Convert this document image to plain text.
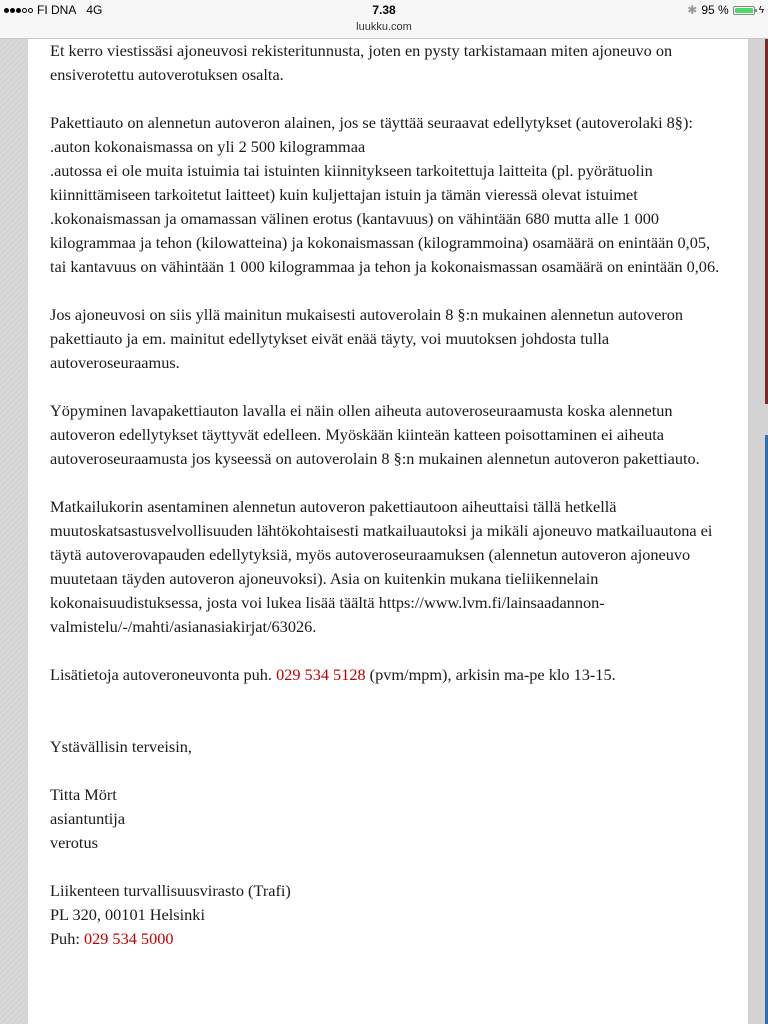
FI DNA 4G	7.38	✱ 95 %	ϟ
luukku.com

Et kerro viestissäsi ajoneuvosi rekisteritunnusta, joten en pysty tarkistamaan miten ajoneuvo on ensiverotettu autoverotuksen osalta.

Pakettiauto on alennetun autoveron alainen, jos se täyttää seuraavat edellytykset (autoverolaki 8§):
.auton kokonaismassa on yli 2 500 kilogrammaa
.autossa ei ole muita istuimia tai istuinten kiinnitykseen tarkoitettuja laitteita (pl. pyörätuolin kiinnittämiseen tarkoitetut laitteet) kuin kuljettajan istuin ja tämän vieressä olevat istuimet
.kokonaismassan ja omamassan välinen erotus (kantavuus) on vähintään 680 mutta alle 1 000 kilogrammaa ja tehon (kilowatteina) ja kokonaismassan (kilogrammoina) osamäärä on enintään 0,05, tai kantavuus on vähintään 1 000 kilogrammaa ja tehon ja kokonaismassan osamäärä on enintään 0,06.

Jos ajoneuvosi on siis yllä mainitun mukaisesti autoverolain 8 §:n mukainen alennetun autoveron pakettiauto ja em. mainitut edellytykset eivät enää täyty, voi muutoksen johdosta tulla autoveroseuraamus.

Yöpyminen lavapakettiauton lavalla ei näin ollen aiheuta autoveroseuraamusta koska alennetun autoveron edellytykset täyttyvät edelleen. Myöskään kiinteän katteen poisottaminen ei aiheuta autoveroseuraamusta jos kyseessä on autoverolain 8 §:n mukainen alennetun autoveron pakettiauto.

Matkailukorin asentaminen alennetun autoveron pakettiautoon aiheuttaisi tällä hetkellä muutoskatsastusvelvollisuuden lähtökohtaisesti matkailuautoksi ja mikäli ajoneuvo matkailuautona ei täytä autoverovapauden edellytyksiä, myös autoveroseuraamuksen (alennetun autoveron ajoneuvo muutetaan täyden autoveron ajoneuvoksi). Asia on kuitenkin mukana tieliikennelain kokonaisuudistuksessa, josta voi lukea lisää täältä https://www.lvm.fi/lainsaadannon-valmistelu/-/mahti/asianasiakirjat/63026.

Lisätietoja autoveroneuvonta puh. 029 534 5128 (pvm/mpm), arkisin ma-pe klo 13-15.

Ystävällisin terveisin,

Titta Mört
asiantuntija
verotus

Liikenteen turvallisuusvirasto (Trafi)
PL 320, 00101 Helsinki
Puh: 029 534 5000
